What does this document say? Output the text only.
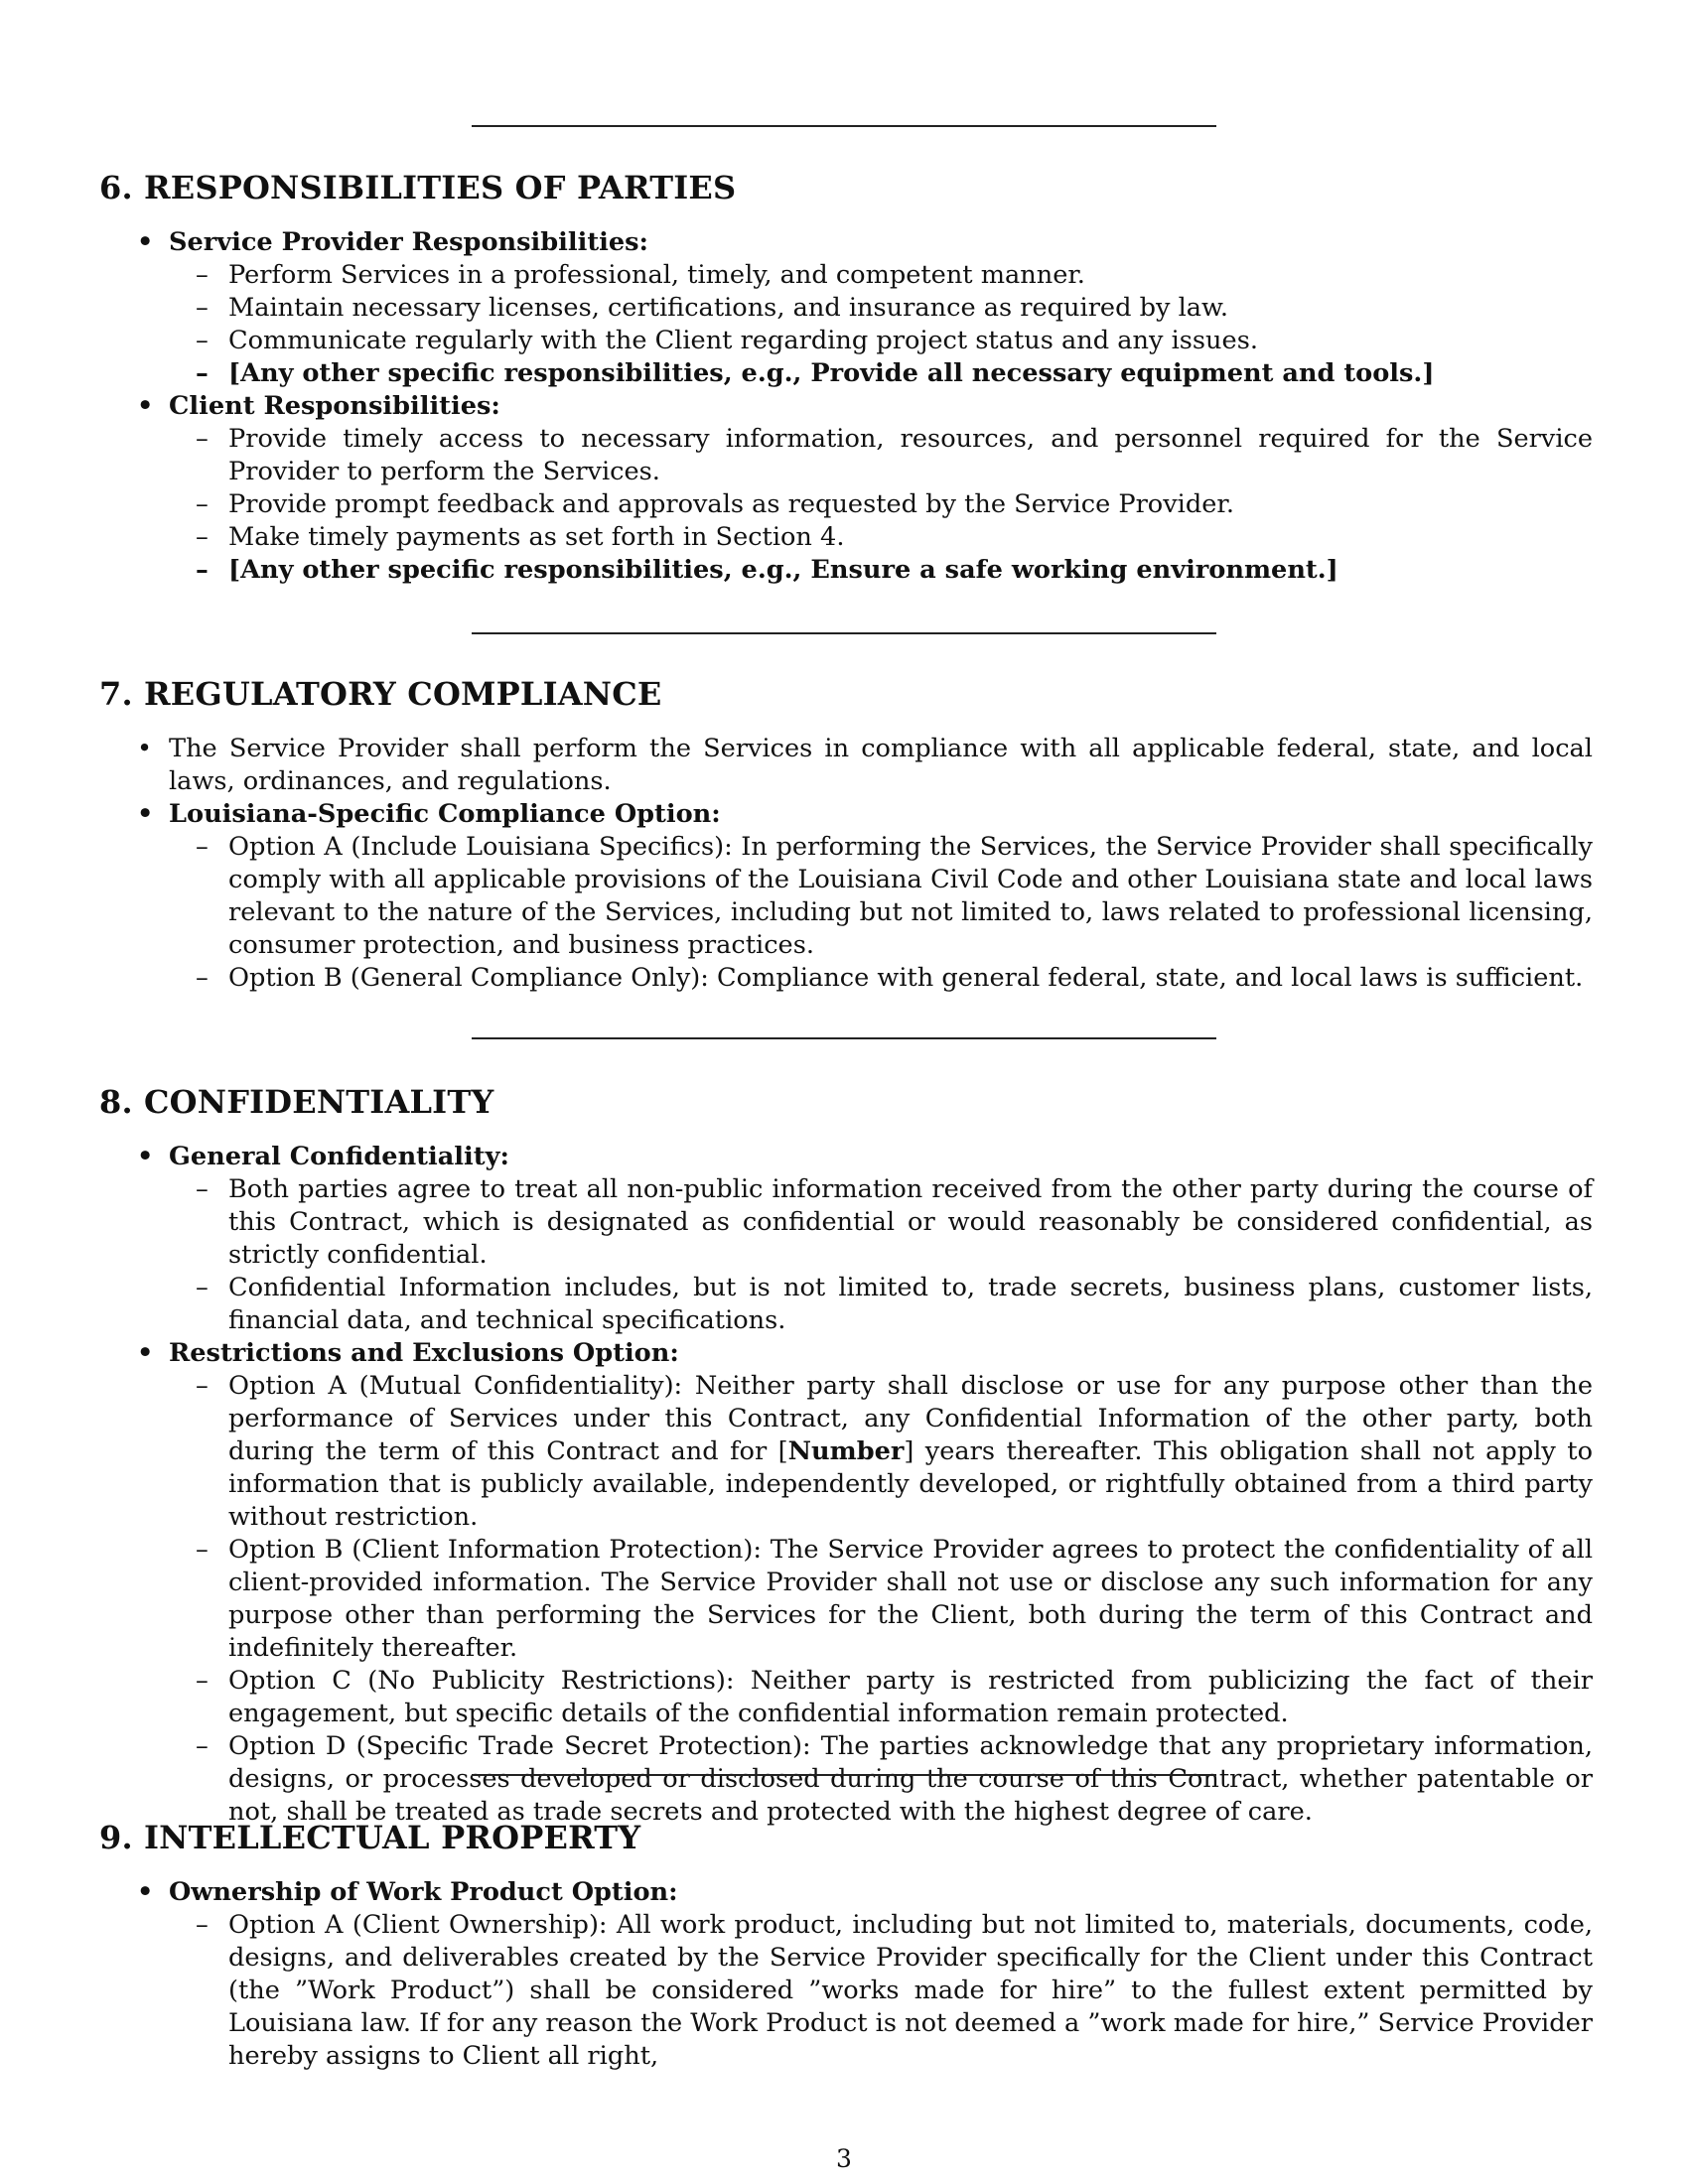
6. RESPONSIBILITIES OF PARTIES
• Service Provider Responsibilities:
– Perform Services in a professional, timely, and competent manner.
– Maintain necessary licenses, certifications, and insurance as required by law.
– Communicate regularly with the Client regarding project status and any issues.
– [Any other specific responsibilities, e.g., Provide all necessary equipment and tools.]
• Client Responsibilities:
– Provide timely access to necessary information, resources, and personnel required for the Service Provider to perform the Services.
– Provide prompt feedback and approvals as requested by the Service Provider.
– Make timely payments as set forth in Section 4.
– [Any other specific responsibilities, e.g., Ensure a safe working environment.]
7. REGULATORY COMPLIANCE
• The Service Provider shall perform the Services in compliance with all applicable federal, state, and local laws, ordinances, and regulations.
• Louisiana-Specific Compliance Option:
– Option A (Include Louisiana Specifics): In performing the Services, the Service Provider shall specifically comply with all applicable provisions of the Louisiana Civil Code and other Louisiana state and local laws relevant to the nature of the Services, including but not limited to, laws related to professional licensing, consumer protection, and business practices.
– Option B (General Compliance Only): Compliance with general federal, state, and local laws is sufficient.
8. CONFIDENTIALITY
• General Confidentiality:
– Both parties agree to treat all non-public information received from the other party during the course of this Contract, which is designated as confidential or would reasonably be considered confidential, as strictly confidential.
– Confidential Information includes, but is not limited to, trade secrets, business plans, customer lists, financial data, and technical specifications.
• Restrictions and Exclusions Option:
– Option A (Mutual Confidentiality): Neither party shall disclose or use for any purpose other than the performance of Services under this Contract, any Confidential Information of the other party, both during the term of this Contract and for [Number] years thereafter. This obligation shall not apply to information that is publicly available, independently developed, or rightfully obtained from a third party without restriction.
– Option B (Client Information Protection): The Service Provider agrees to protect the confidentiality of all client-provided information. The Service Provider shall not use or disclose any such information for any purpose other than performing the Services for the Client, both during the term of this Contract and indefinitely thereafter.
– Option C (No Publicity Restrictions): Neither party is restricted from publicizing the fact of their engagement, but specific details of the confidential information remain protected.
– Option D (Specific Trade Secret Protection): The parties acknowledge that any proprietary information, designs, or processes developed or disclosed during the course of this Contract, whether patentable or not, shall be treated as trade secrets and protected with the highest degree of care.
9. INTELLECTUAL PROPERTY
• Ownership of Work Product Option:
– Option A (Client Ownership): All work product, including but not limited to, materials, documents, code, designs, and deliverables created by the Service Provider specifically for the Client under this Contract (the ”Work Product”) shall be considered ”works made for hire” to the fullest extent permitted by Louisiana law. If for any reason the Work Product is not deemed a ”work made for hire,” Service Provider hereby assigns to Client all right,
3
